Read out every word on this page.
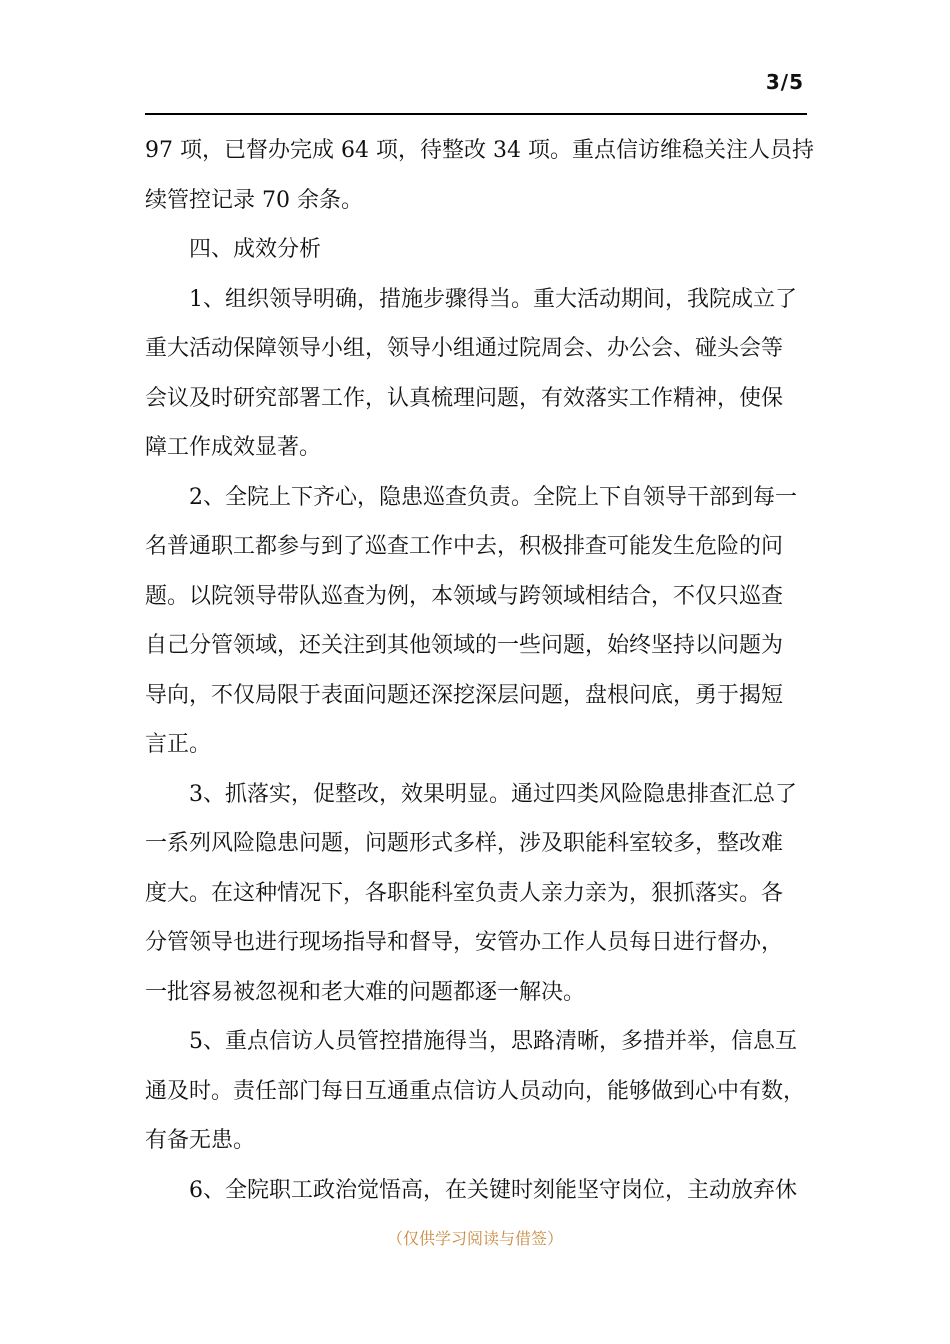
3/5
97 项，已督办完成 64 项，待整改 34 项。重点信访维稳关注人员持
续管控记录 70 余条。
　　四、成效分析
　　1、组织领导明确，措施步骤得当。重大活动期间，我院成立了
重大活动保障领导小组，领导小组通过院周会、办公会、碰头会等
会议及时研究部署工作，认真梳理问题，有效落实工作精神，使保
障工作成效显著。
　　2、全院上下齐心，隐患巡查负责。全院上下自领导干部到每一
名普通职工都参与到了巡查工作中去，积极排查可能发生危险的问
题。以院领导带队巡查为例，本领域与跨领域相结合，不仅只巡查
自己分管领域，还关注到其他领域的一些问题，始终坚持以问题为
导向，不仅局限于表面问题还深挖深层问题，盘根问底，勇于揭短
言正。
　　3、抓落实，促整改，效果明显。通过四类风险隐患排查汇总了
一系列风险隐患问题，问题形式多样，涉及职能科室较多，整改难
度大。在这种情况下，各职能科室负责人亲力亲为，狠抓落实。各
分管领导也进行现场指导和督导，安管办工作人员每日进行督办，
一批容易被忽视和老大难的问题都逐一解决。
　　5、重点信访人员管控措施得当，思路清晰，多措并举，信息互
通及时。责任部门每日互通重点信访人员动向，能够做到心中有数，
有备无患。
　　6、全院职工政治觉悟高，在关键时刻能坚守岗位，主动放弃休
（仅供学习阅读与借签）
